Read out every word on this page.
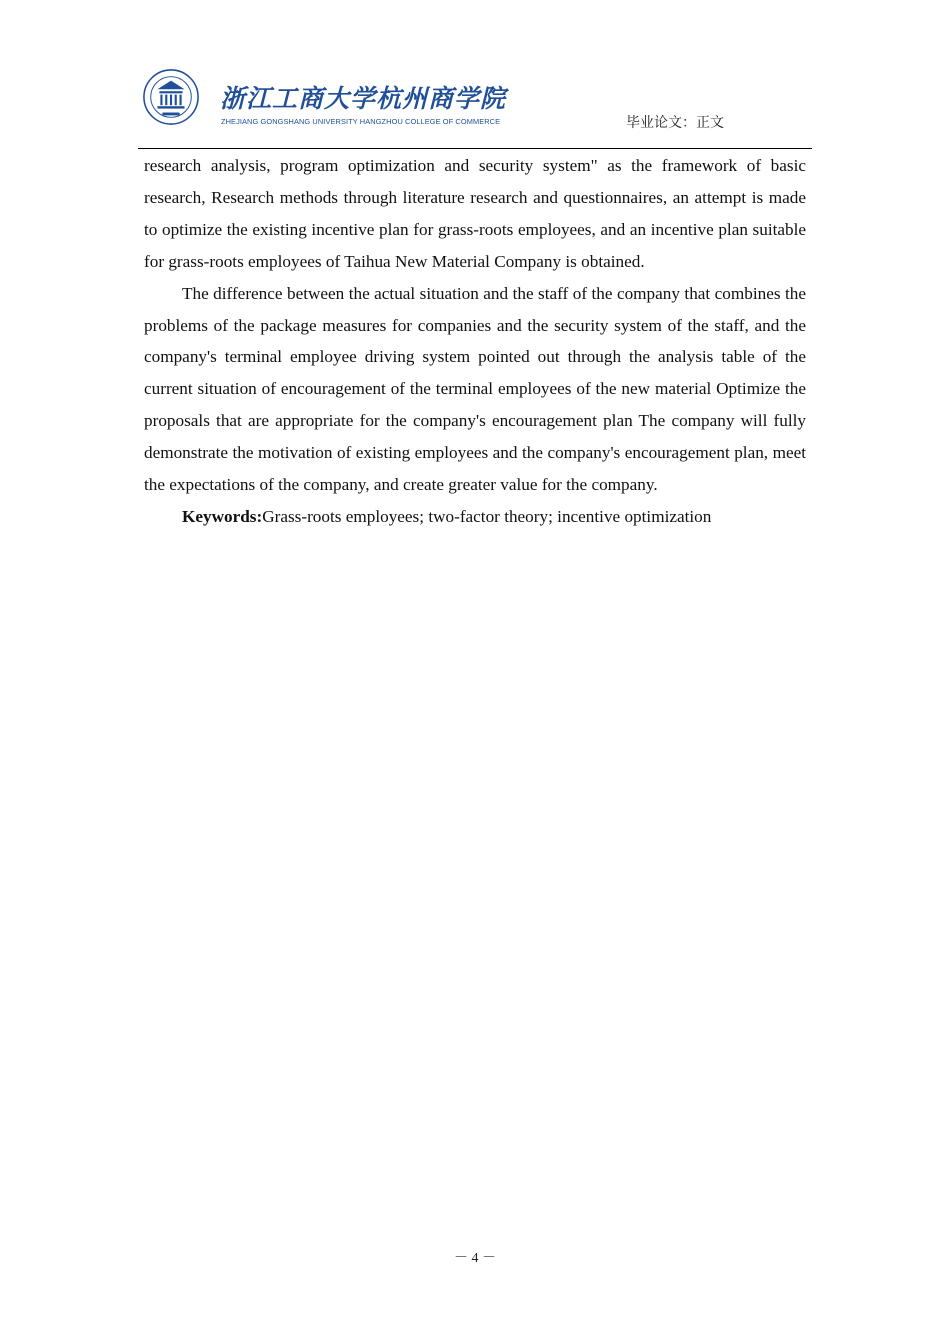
浙江工商大学杭州商学院
ZHEJIANG GONGSHANG UNIVERSITY HANGZHOU COLLEGE OF COMMERCE	毕业论文：正文

research analysis, program optimization and security system" as the framework of basic research, Research methods through literature research and questionnaires, an attempt is made to optimize the existing incentive plan for grass-roots employees, and an incentive plan suitable for grass-roots employees of Taihua New Material Company is obtained.

The difference between the actual situation and the staff of the company that combines the problems of the package measures for companies and the security system of the staff, and the company's terminal employee driving system pointed out through the analysis table of the current situation of encouragement of the terminal employees of the new material Optimize the proposals that are appropriate for the company's encouragement plan The company will fully demonstrate the motivation of existing employees and the company's encouragement plan, meet the expectations of the company, and create greater value for the company.

Keywords:Grass-roots employees; two-factor theory; incentive optimization

－ 4 －
